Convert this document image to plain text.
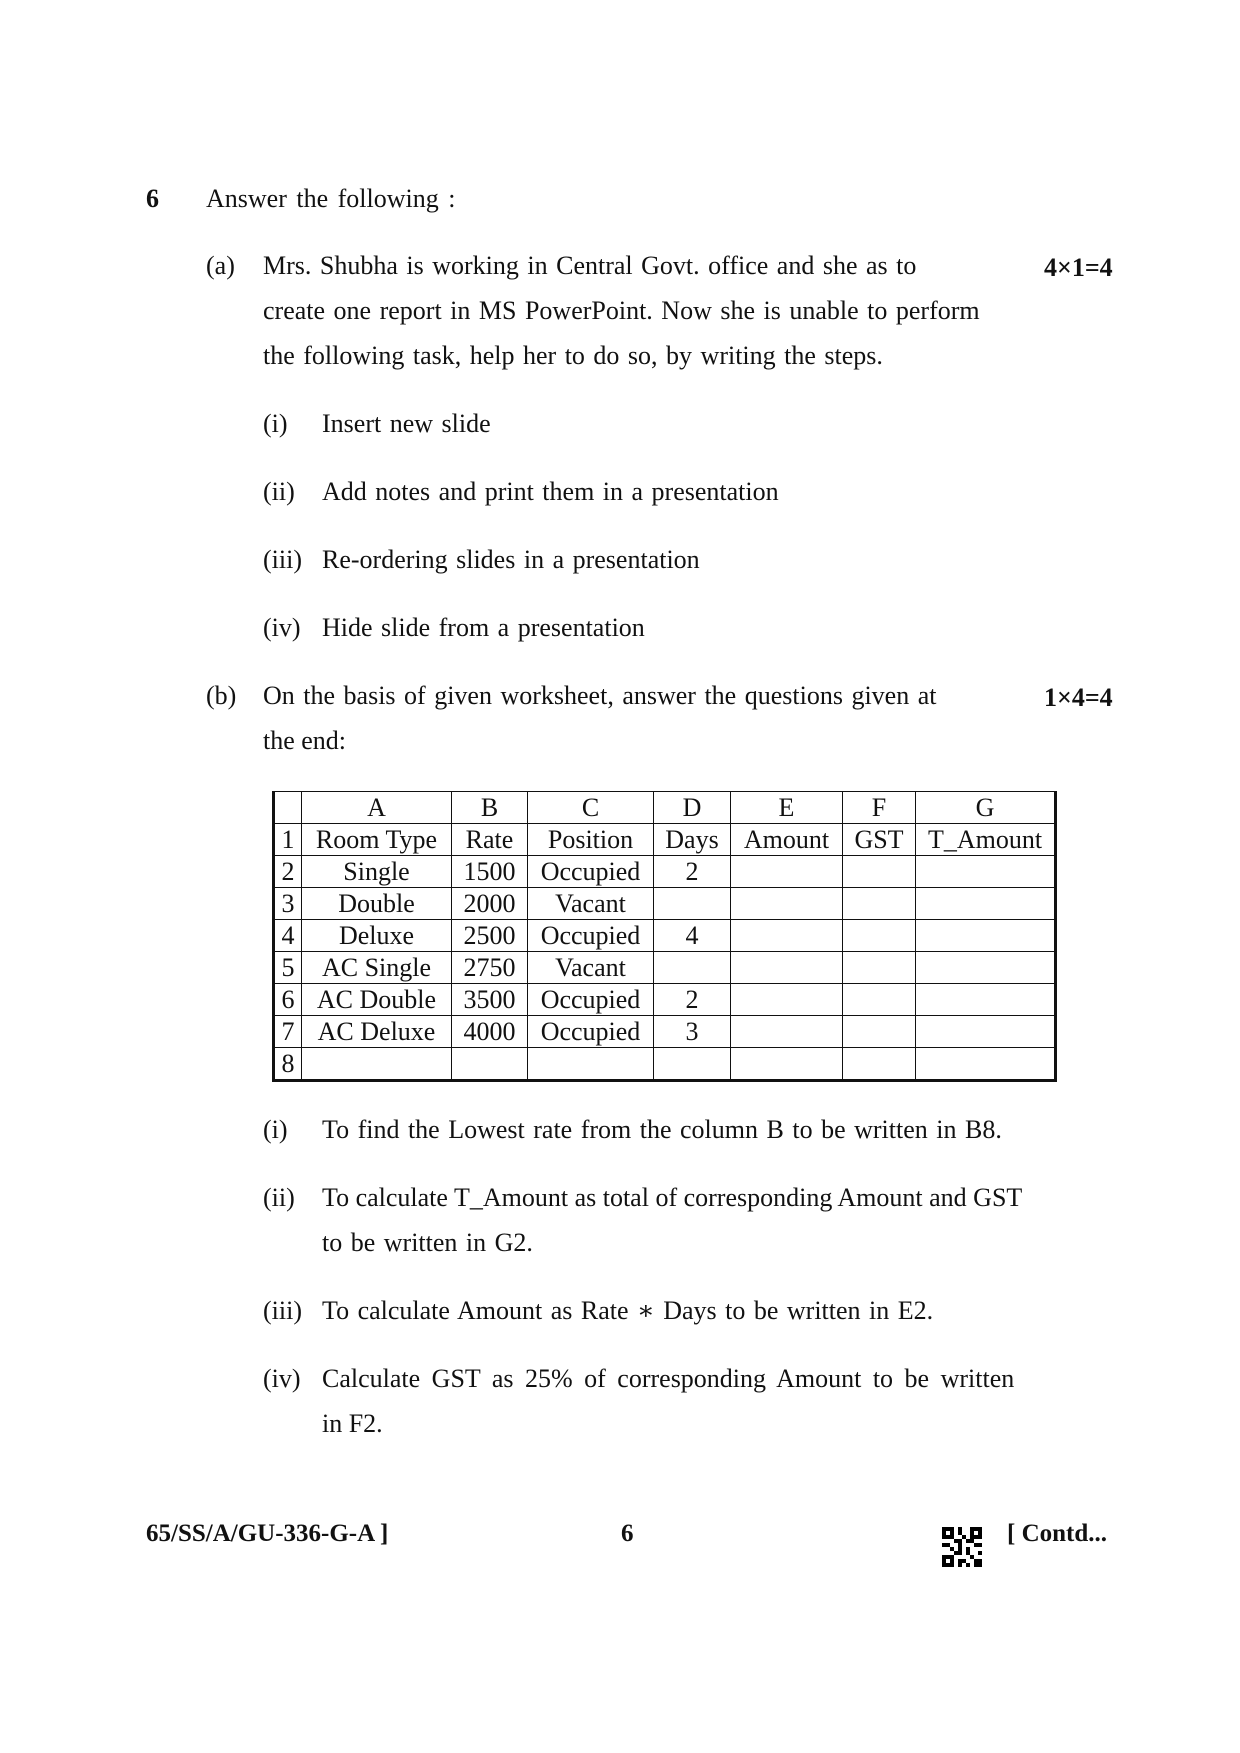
6 Answer the following :
(a) Mrs. Shubha is working in Central Govt. office and she as to
create one report in MS PowerPoint. Now she is unable to perform
the following task, help her to do so, by writing the steps.
4×1=4
(i) Insert new slide
(ii) Add notes and print them in a presentation
(iii) Re-ordering slides in a presentation
(iv) Hide slide from a presentation
(b) On the basis of given worksheet, answer the questions given at
the end:
1×4=4
	A	B	C	D	E	F	G
1	Room Type	Rate	Position	Days	Amount	GST	T_Amount
2	Single	1500	Occupied	2			
3	Double	2000	Vacant				
4	Deluxe	2500	Occupied	4			
5	AC Single	2750	Vacant				
6	AC Double	3500	Occupied	2			
7	AC Deluxe	4000	Occupied	3			
8							
(i) To find the Lowest rate from the column B to be written in B8.
(ii) To calculate T_Amount as total of corresponding Amount and GST
to be written in G2.
(iii) To calculate Amount as Rate ∗ Days to be written in E2.
(iv) Calculate GST as 25% of corresponding Amount to be written
in F2.
65/SS/A/GU-336-G-A ]	6	[ Contd...
